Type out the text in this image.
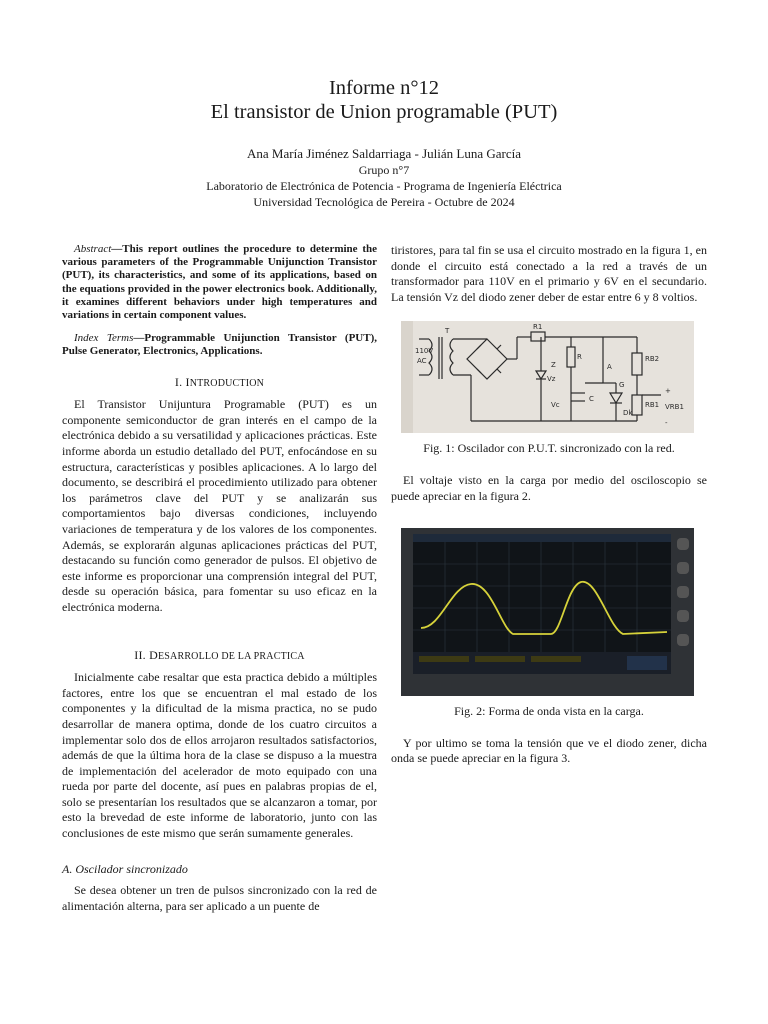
Informe n°12
El transistor de Union programable (PUT)
Ana María Jiménez Saldarriaga - Julián Luna García
Grupo n°7
Laboratorio de Electrónica de Potencia - Programa de Ingeniería Eléctrica
Universidad Tecnológica de Pereira - Octubre de 2024

Abstract—This report outlines the procedure to determine the various parameters of the Programmable Unijunction Transistor (PUT), its characteristics, and some of its applications, based on the equations provided in the power electronics book. Additionally, it examines different behaviors under high temperatures and variations in certain component values.

Index Terms—Programmable Unijunction Transistor (PUT), Pulse Generator, Electronics, Applications.

I. INTRODUCTION

El Transistor Unijuntura Programable (PUT) es un componente semiconductor de gran interés en el campo de la electrónica debido a su versatilidad y aplicaciones prácticas. Este informe aborda un estudio detallado del PUT, enfocándose en su estructura, características y posibles aplicaciones. A lo largo del documento, se describirá el procedimiento utilizado para obtener los parámetros clave del PUT y se analizarán sus comportamientos bajo diversas condiciones, incluyendo variaciones de temperatura y de los valores de los componentes. Además, se explorarán algunas aplicaciones prácticas del PUT, destacando su función como generador de pulsos. El objetivo de este informe es proporcionar una comprensión integral del PUT, desde su operación básica, para fomentar su uso eficaz en la electrónica moderna.

II. DESARROLLO DE LA PRACTICA

Inicialmente cabe resaltar que esta practica debido a múltiples factores, entre los que se encuentran el mal estado de los componentes y la dificultad de la misma practica, no se pudo desarrollar de manera optima, donde de los cuatro circuitos a implementar solo dos de ellos arrojaron resultados satisfactorios, además de que la última hora de la clase se dispuso a la muestra de implementación del acelerador de moto equipado con una rueda por parte del docente, así pues en palabras propias de el, solo se presentarían los resultados que se alcanzaron a tomar, por esto la brevedad de este informe de laboratorio, junto con las conclusiones de este mismo que serán sumamente generales.

A. Oscilador sincronizado

Se desea obtener un tren de pulsos sincronizado con la red de alimentación alterna, para ser aplicado a un puente de

tiristores, para tal fin se usa el circuito mostrado en la figura 1, en donde el circuito está conectado a la red a través de un transformador para 110V en el primario y 6V en el secundario. La tensión Vz del diodo zener deber de estar entre 6 y 8 voltios.

110V
AC
T	R1
R
Z
Vz
Vc
C
Dk
A
G
RB2
RB1 VRB1
+
-
Fig. 1: Oscilador con P.U.T. sincronizado con la red.

El voltaje visto en la carga por medio del osciloscopio se puede apreciar en la figura 2.

Fig. 2: Forma de onda vista en la carga.

Y por ultimo se toma la tensión que ve el diodo zener, dicha onda se puede apreciar en la figura 3.
